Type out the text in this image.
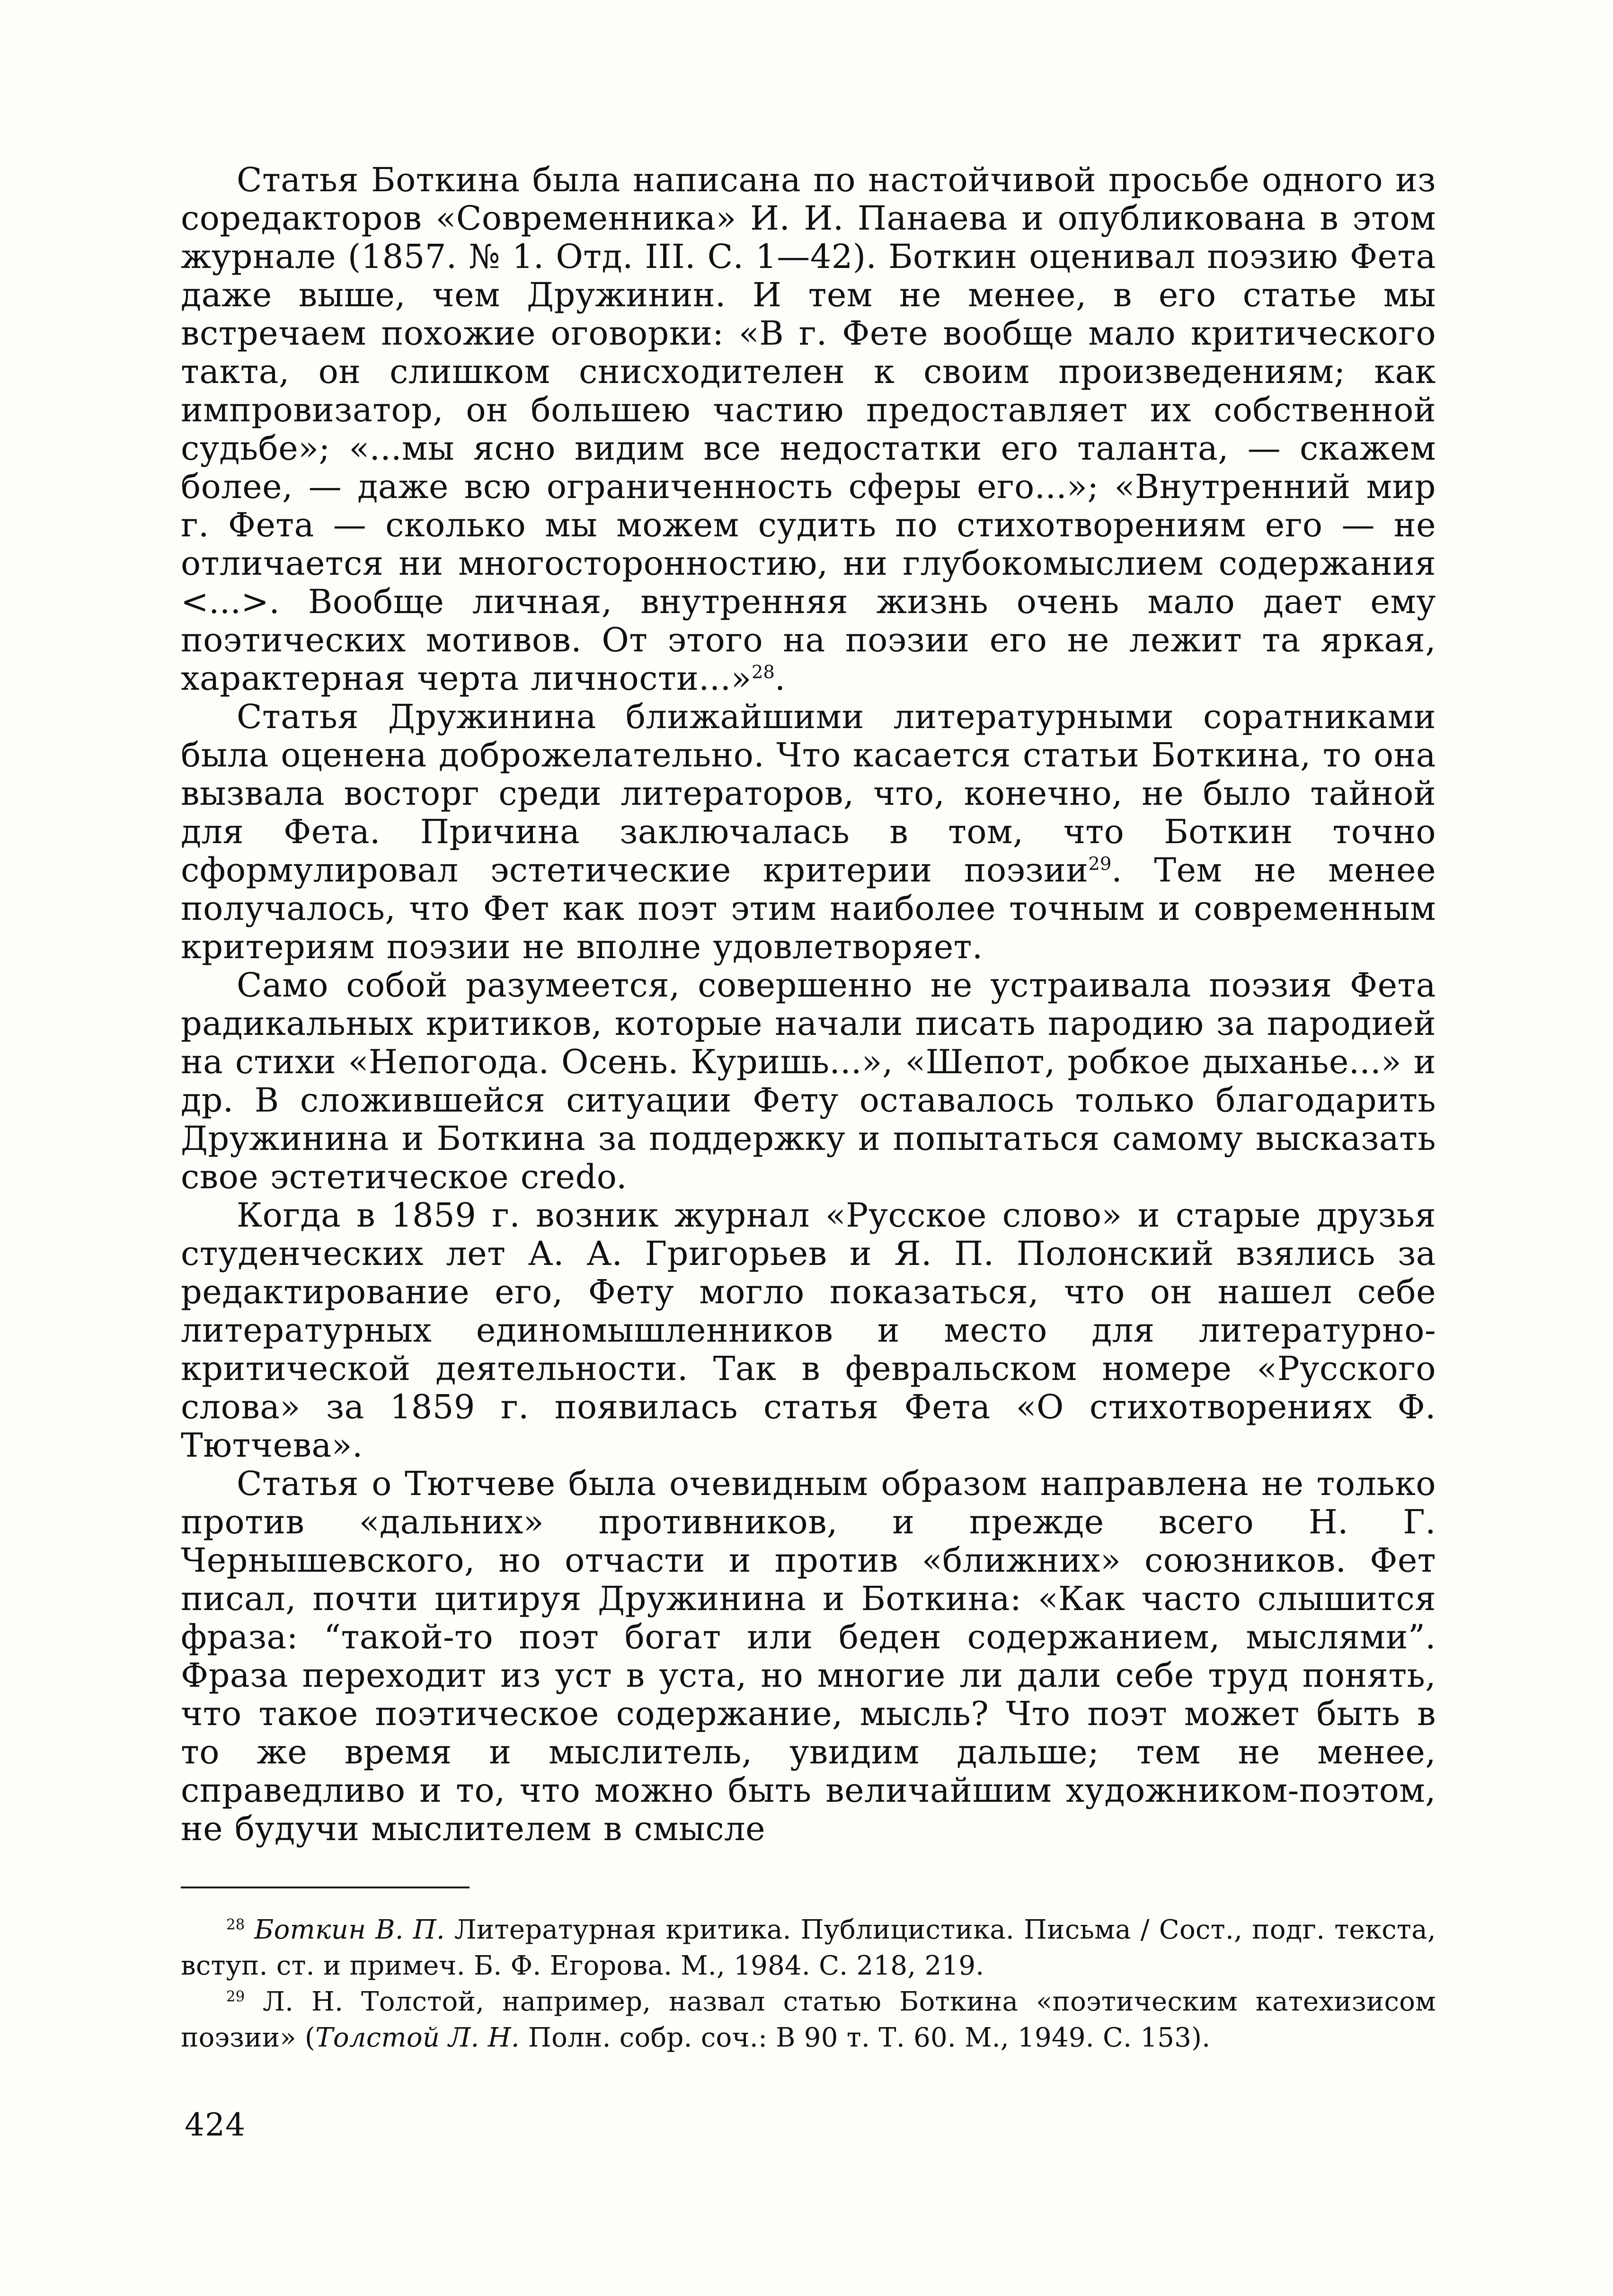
Статья Боткина была написана по настойчивой просьбе одного из соредакторов «Современника» И. И. Панаева и опубликована в этом журнале (1857. № 1. Отд. III. С. 1—42). Боткин оценивал поэзию Фета даже выше, чем Дружинин. И тем не менее, в его статье мы встречаем похожие оговорки: «В г. Фете вообще мало критического такта, он слишком снисходителен к своим произведениям; как импровизатор, он большею частию предоставляет их собственной судьбе»; «...мы ясно видим все недостатки его таланта, — скажем более, — даже всю ограниченность сферы его...»; «Внутренний мир г. Фета — сколько мы можем судить по стихотворениям его — не отличается ни многосторонностию, ни глубокомыслием содержания <...>. Вообще личная, внутренняя жизнь очень мало дает ему поэтических мотивов. От этого на поэзии его не лежит та яркая, характерная черта личности...»$^{28}$.

Статья Дружинина ближайшими литературными соратниками была оценена доброжелательно. Что касается статьи Боткина, то она вызвала восторг среди литераторов, что, конечно, не было тайной для Фета. Причина заключалась в том, что Боткин точно сформулировал эстетические критерии поэзии$^{29}$. Тем не менее получалось, что Фет как поэт этим наиболее точным и современным критериям поэзии не вполне удовлетворяет.

Само собой разумеется, совершенно не устраивала поэзия Фета радикальных критиков, которые начали писать пародию за пародией на стихи «Непогода. Осень. Куришь...», «Шепот, робкое дыханье...» и др. В сложившейся ситуации Фету оставалось только благодарить Дружинина и Боткина за поддержку и попытаться самому высказать свое эстетическое credo.

Когда в 1859 г. возник журнал «Русское слово» и старые друзья студенческих лет А. А. Григорьев и Я. П. Полонский взялись за редактирование его, Фету могло показаться, что он нашел себе литературных единомышленников и место для литературно-критической деятельности. Так в февральском номере «Русского слова» за 1859 г. появилась статья Фета «О стихотворениях Ф. Тютчева».

Статья о Тютчеве была очевидным образом направлена не только против «дальних» противников, и прежде всего Н. Г. Чернышевского, но отчасти и против «ближних» союзников. Фет писал, почти цитируя Дружинина и Боткина: «Как часто слышится фраза: “такой-то поэт богат или беден содержанием, мыслями”. Фраза переходит из уст в уста, но многие ли дали себе труд понять, что такое поэтическое содержание, мысль? Что поэт может быть в то же время и мыслитель, увидим дальше; тем не менее, справедливо и то, что можно быть величайшим художником-поэтом, не будучи мыслителем в смысле

$^{28}$ Боткин В. П. Литературная критика. Публицистика. Письма / Сост., подг. текста, вступ. ст. и примеч. Б. Ф. Егорова. М., 1984. С. 218, 219.

$^{29}$ Л. Н. Толстой, например, назвал статью Боткина «поэтическим катехизисом поэзии» (Толстой Л. Н. Полн. собр. соч.: В 90 т. Т. 60. М., 1949. С. 153).

424
